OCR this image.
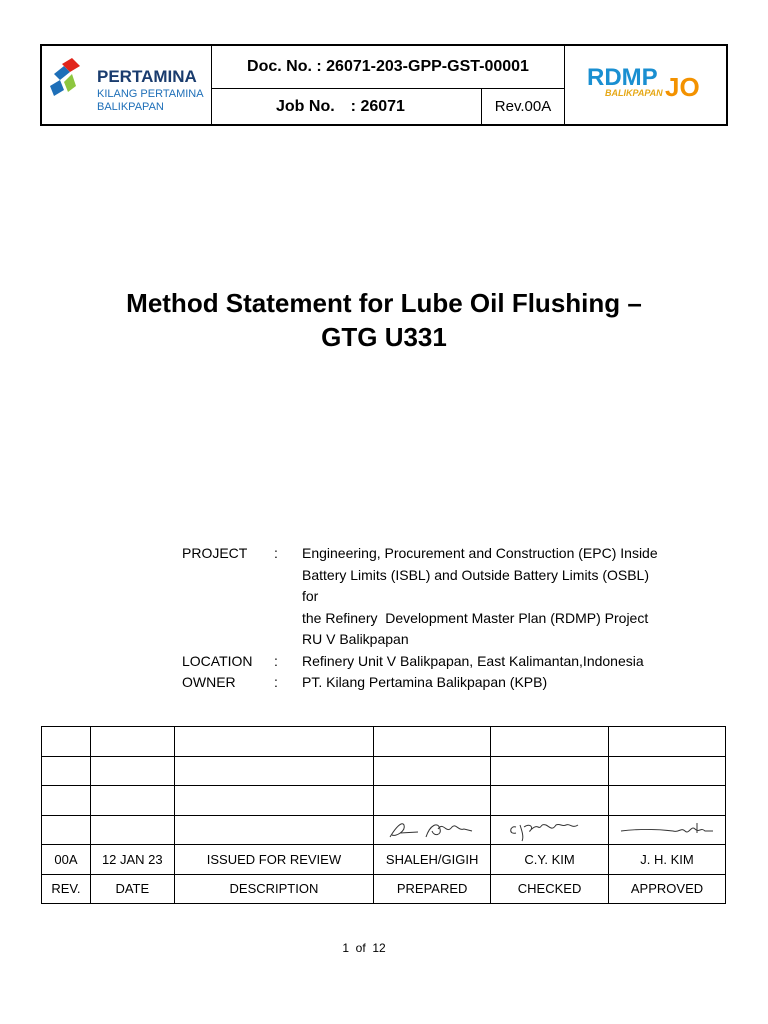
PERTAMINA
KILANG PERTAMINA
BALIKPAPAN
Doc. No. : 26071-203-GPP-GST-00001
Job No. : 26071	Rev.00A
RDMP
BALIKPAPAN JO
Method Statement for Lube Oil Flushing –
GTG U331
PROJECT	:	Engineering, Procurement and Construction (EPC) Inside
Battery Limits (ISBL) and Outside Battery Limits (OSBL) for
the Refinery  Development Master Plan (RDMP) Project
RU V Balikpapan
LOCATION	:	Refinery Unit V Balikpapan, East Kalimantan,Indonesia
OWNER	:	PT. Kilang Pertamina Balikpapan (KPB)

00A	12 JAN 23	ISSUED FOR REVIEW	SHALEH/GIGIH	C.Y. KIM	J. H. KIM
REV.	DATE	DESCRIPTION	PREPARED	CHECKED	APPROVED
1  of  12
